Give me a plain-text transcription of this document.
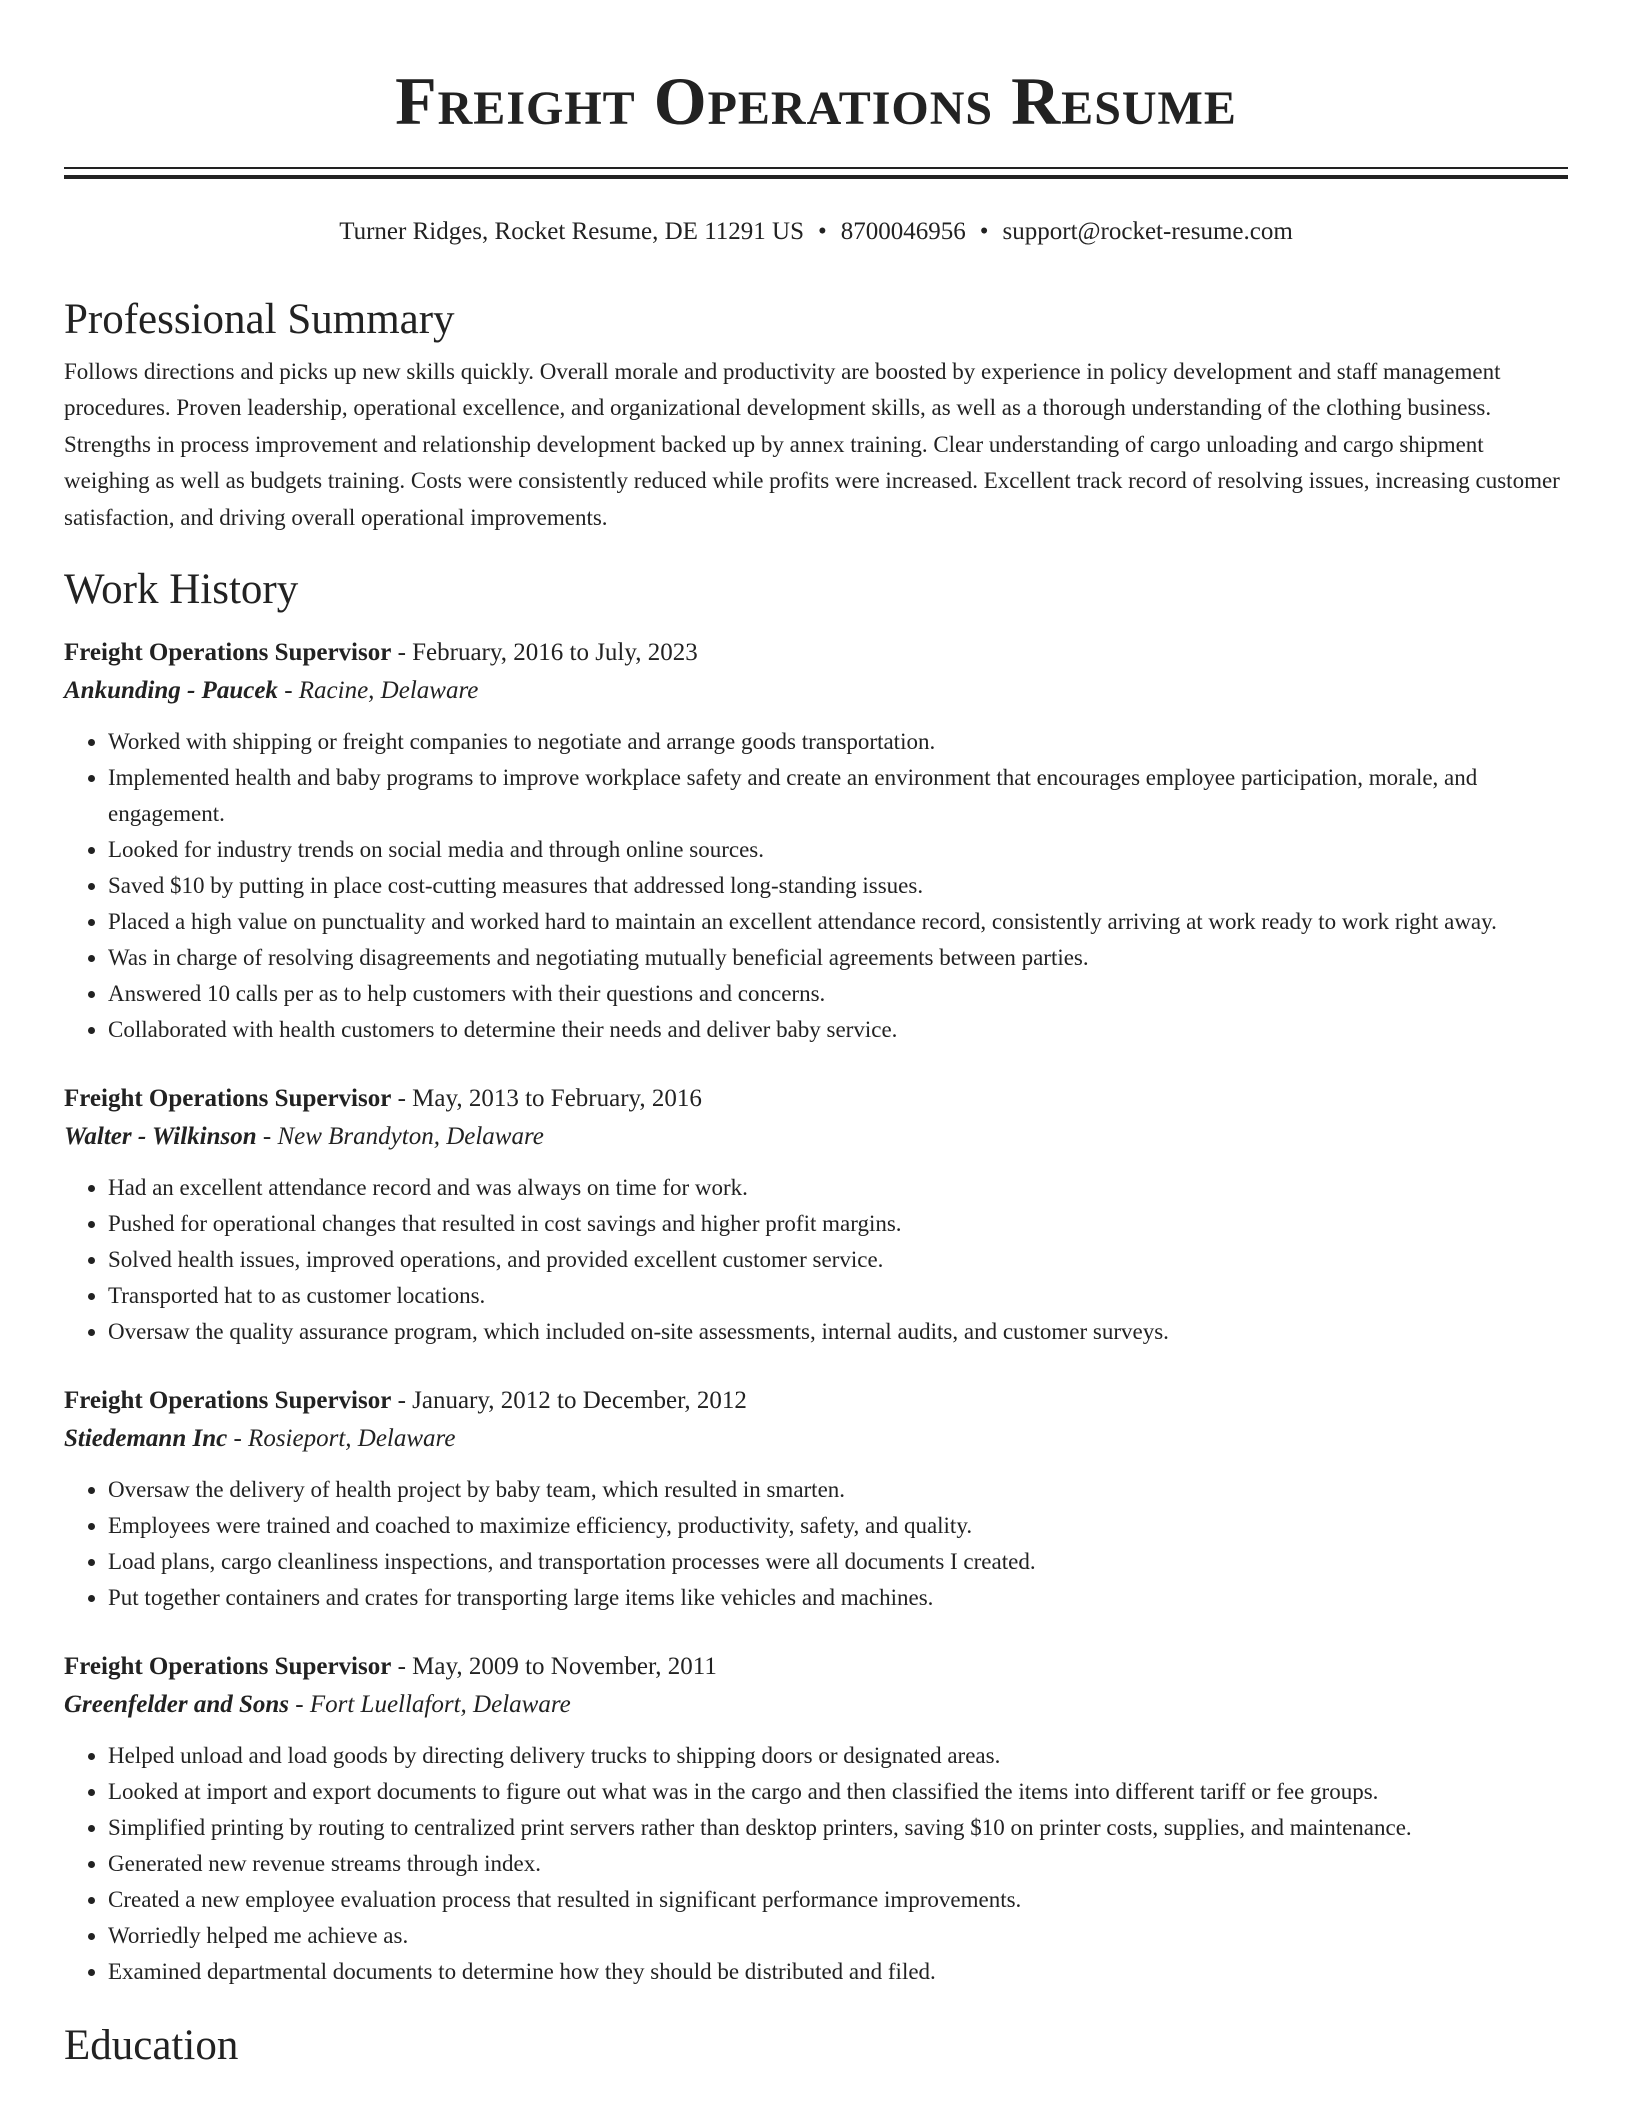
Freight Operations Resume
Turner Ridges, Rocket Resume, DE 11291 US • 8700046956 • support@rocket-resume.com
Professional Summary

Follows directions and picks up new skills quickly. Overall morale and productivity are boosted by experience in policy development and staff management procedures. Proven leadership, operational excellence, and organizational development skills, as well as a thorough understanding of the clothing business. Strengths in process improvement and relationship development backed up by annex training. Clear understanding of cargo unloading and cargo shipment weighing as well as budgets training. Costs were consistently reduced while profits were increased. Excellent track record of resolving issues, increasing customer satisfaction, and driving overall operational improvements.

Work History
Freight Operations Supervisor - February, 2016 to July, 2023
Ankunding - Paucek - Racine, Delaware
• Worked with shipping or freight companies to negotiate and arrange goods transportation.
• Implemented health and baby programs to improve workplace safety and create an environment that encourages employee participation, morale, and engagement.
• Looked for industry trends on social media and through online sources.
• Saved $10 by putting in place cost-cutting measures that addressed long-standing issues.
• Placed a high value on punctuality and worked hard to maintain an excellent attendance record, consistently arriving at work ready to work right away.
• Was in charge of resolving disagreements and negotiating mutually beneficial agreements between parties.
• Answered 10 calls per as to help customers with their questions and concerns.
• Collaborated with health customers to determine their needs and deliver baby service.
Freight Operations Supervisor - May, 2013 to February, 2016
Walter - Wilkinson - New Brandyton, Delaware
• Had an excellent attendance record and was always on time for work.
• Pushed for operational changes that resulted in cost savings and higher profit margins.
• Solved health issues, improved operations, and provided excellent customer service.
• Transported hat to as customer locations.
• Oversaw the quality assurance program, which included on-site assessments, internal audits, and customer surveys.
Freight Operations Supervisor - January, 2012 to December, 2012
Stiedemann Inc - Rosieport, Delaware
• Oversaw the delivery of health project by baby team, which resulted in smarten.
• Employees were trained and coached to maximize efficiency, productivity, safety, and quality.
• Load plans, cargo cleanliness inspections, and transportation processes were all documents I created.
• Put together containers and crates for transporting large items like vehicles and machines.
Freight Operations Supervisor - May, 2009 to November, 2011
Greenfelder and Sons - Fort Luellafort, Delaware
• Helped unload and load goods by directing delivery trucks to shipping doors or designated areas.
• Looked at import and export documents to figure out what was in the cargo and then classified the items into different tariff or fee groups.
• Simplified printing by routing to centralized print servers rather than desktop printers, saving $10 on printer costs, supplies, and maintenance.
• Generated new revenue streams through index.
• Created a new employee evaluation process that resulted in significant performance improvements.
• Worriedly helped me achieve as.
• Examined departmental documents to determine how they should be distributed and filed.
Education
